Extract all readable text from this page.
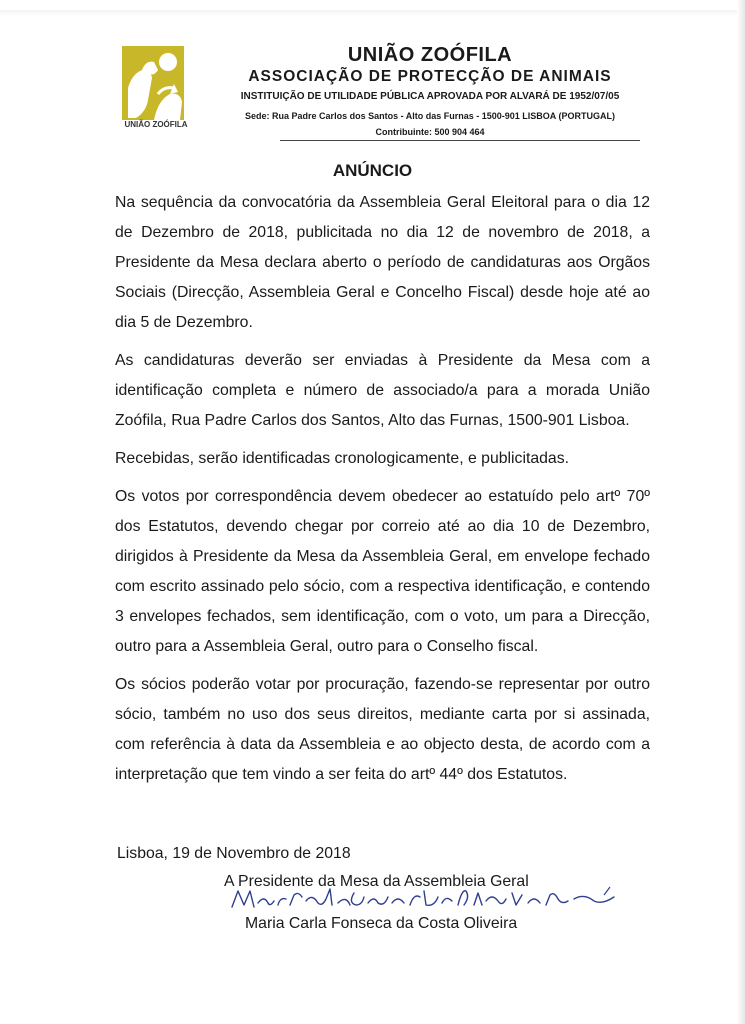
UNIÃO ZOÓFILA
UNIÃO ZOÓFILA
ASSOCIAÇÃO DE PROTECÇÃO DE ANIMAIS
INSTITUIÇÃO DE UTILIDADE PÚBLICA APROVADA POR ALVARÁ DE 1952/07/05
Sede: Rua Padre Carlos dos Santos - Alto das Furnas - 1500-901 LISBOA (PORTUGAL)
Contribuinte: 500 904 464
ANÚNCIO

Na sequência da convocatória da Assembleia Geral Eleitoral para o dia 12 de Dezembro de 2018, publicitada no dia 12 de novembro de 2018, a Presidente da Mesa declara aberto o período de candidaturas aos Orgãos Sociais (Direcção, Assembleia Geral e Concelho Fiscal) desde hoje até ao dia 5 de Dezembro.

As candidaturas deverão ser enviadas à Presidente da Mesa com a identificação completa e número de associado/a para a morada União Zoófila, Rua Padre Carlos dos Santos, Alto das Furnas, 1500-901 Lisboa.

Recebidas, serão identificadas cronologicamente, e publicitadas.

Os votos por correspondência devem obedecer ao estatuído pelo artº 70º dos Estatutos, devendo chegar por correio até ao dia 10 de Dezembro, dirigidos à Presidente da Mesa da Assembleia Geral, em envelope fechado com escrito assinado pelo sócio, com a respectiva identificação, e contendo 3 envelopes fechados, sem identificação, com o voto, um para a Direcção, outro para a Assembleia Geral, outro para o Conselho fiscal.

Os sócios poderão votar por procuração, fazendo-se representar por outro sócio, também no uso dos seus direitos, mediante carta por si assinada, com referência à data da Assembleia e ao objecto desta, de acordo com a interpretação que tem vindo a ser feita do artº 44º dos Estatutos.

Lisboa, 19 de Novembro de 2018
A Presidente da Mesa da Assembleia Geral
Maria Carla Fonseca da Costa Oliveira
